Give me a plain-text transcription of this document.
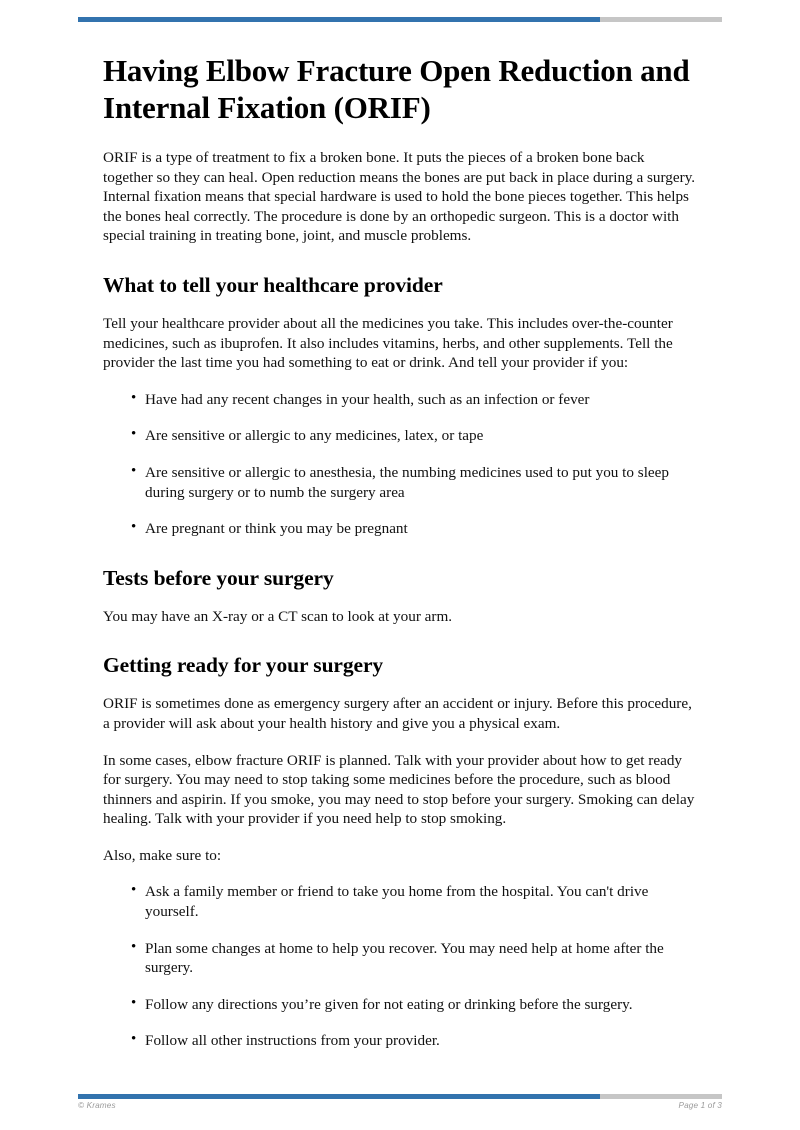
Having Elbow Fracture Open Reduction and Internal Fixation (ORIF)

ORIF is a type of treatment to fix a broken bone. It puts the pieces of a broken bone back together so they can heal. Open reduction means the bones are put back in place during a surgery. Internal fixation means that special hardware is used to hold the bone pieces together. This helps the bones heal correctly. The procedure is done by an orthopedic surgeon. This is a doctor with special training in treating bone, joint, and muscle problems.

What to tell your healthcare provider

Tell your healthcare provider about all the medicines you take. This includes over-the-counter medicines, such as ibuprofen. It also includes vitamins, herbs, and other supplements. Tell the provider the last time you had something to eat or drink. And tell your provider if you:

• Have had any recent changes in your health, such as an infection or fever
• Are sensitive or allergic to any medicines, latex, or tape
• Are sensitive or allergic to anesthesia, the numbing medicines used to put you to sleep during surgery or to numb the surgery area
• Are pregnant or think you may be pregnant
Tests before your surgery

You may have an X-ray or a CT scan to look at your arm.

Getting ready for your surgery

ORIF is sometimes done as emergency surgery after an accident or injury. Before this procedure, a provider will ask about your health history and give you a physical exam.

In some cases, elbow fracture ORIF is planned. Talk with your provider about how to get ready for surgery. You may need to stop taking some medicines before the procedure, such as blood thinners and aspirin. If you smoke, you may need to stop before your surgery. Smoking can delay healing. Talk with your provider if you need help to stop smoking.

Also, make sure to:

• Ask a family member or friend to take you home from the hospital. You can't drive yourself.
• Plan some changes at home to help you recover. You may need help at home after the surgery.
• Follow any directions you’re given for not eating or drinking before the surgery.
• Follow all other instructions from your provider.
© Krames	Page 1 of 3
